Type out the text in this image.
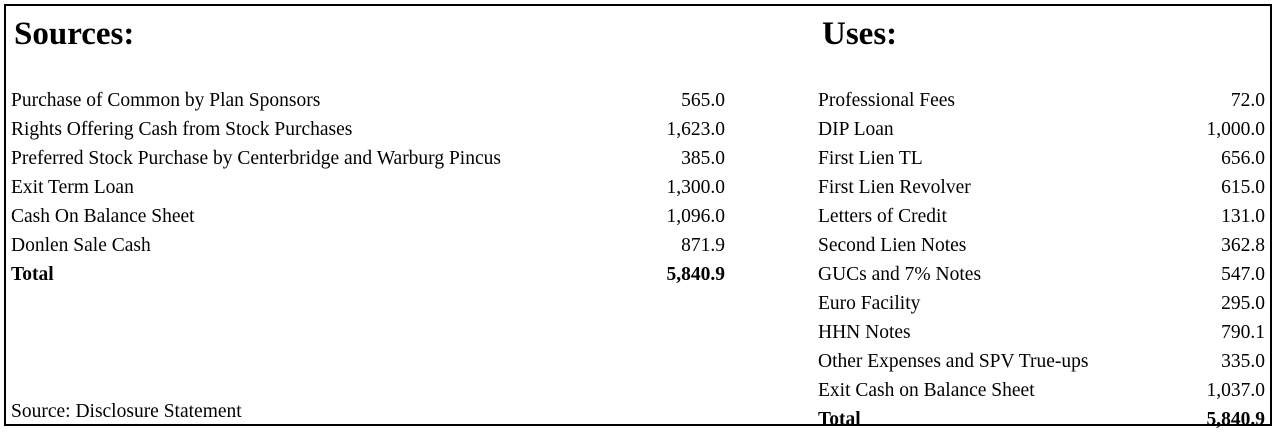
Sources:	Uses:
Purchase of Common by Plan Sponsors	565.0
Rights Offering Cash from Stock Purchases	1,623.0
Preferred Stock Purchase by Centerbridge and Warburg Pincus	385.0
Exit Term Loan	1,300.0
Cash On Balance Sheet	1,096.0
Donlen Sale Cash	871.9
Total	5,840.9
Professional Fees	72.0
DIP Loan	1,000.0
First Lien TL	656.0
First Lien Revolver	615.0
Letters of Credit	131.0
Second Lien Notes	362.8
GUCs and 7% Notes	547.0
Euro Facility	295.0
HHN Notes	790.1
Other Expenses and SPV True-ups	335.0
Exit Cash on Balance Sheet	1,037.0
Total	5,840.9
Source: Disclosure Statement
